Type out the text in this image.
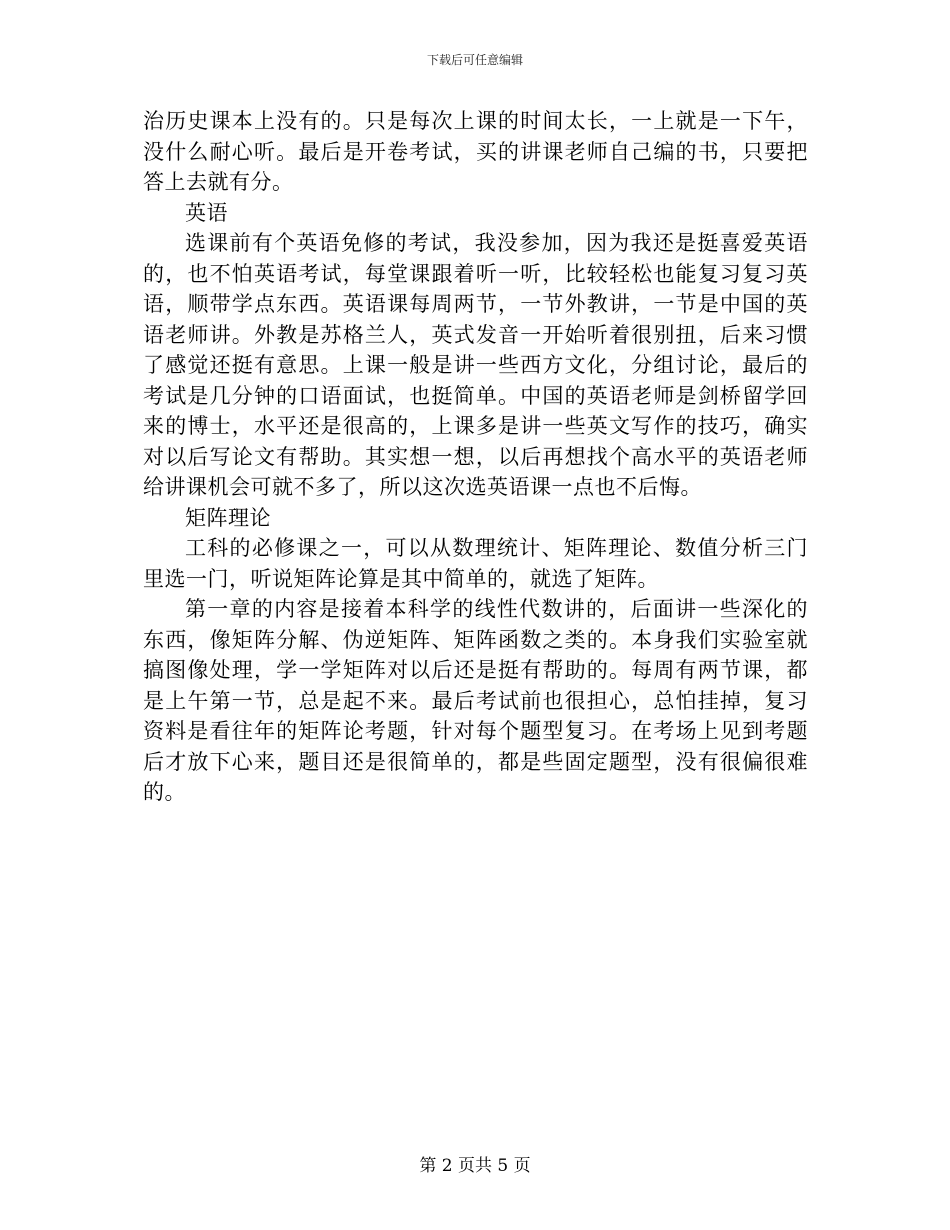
下载后可任意编辑

治历史课本上没有的。只是每次上课的时间太长，一上就是一下午，没什么耐心听。最后是开卷考试，买的讲课老师自己编的书，只要把答上去就有分。

英语

选课前有个英语免修的考试，我没参加，因为我还是挺喜爱英语的，也不怕英语考试，每堂课跟着听一听，比较轻松也能复习复习英语，顺带学点东西。英语课每周两节，一节外教讲，一节是中国的英语老师讲。外教是苏格兰人，英式发音一开始听着很别扭，后来习惯了感觉还挺有意思。上课一般是讲一些西方文化，分组讨论，最后的考试是几分钟的口语面试，也挺简单。中国的英语老师是剑桥留学回来的博士，水平还是很高的，上课多是讲一些英文写作的技巧，确实对以后写论文有帮助。其实想一想，以后再想找个高水平的英语老师给讲课机会可就不多了，所以这次选英语课一点也不后悔。

矩阵理论

工科的必修课之一，可以从数理统计、矩阵理论、数值分析三门里选一门，听说矩阵论算是其中简单的，就选了矩阵。

第一章的内容是接着本科学的线性代数讲的，后面讲一些深化的东西，像矩阵分解、伪逆矩阵、矩阵函数之类的。本身我们实验室就搞图像处理，学一学矩阵对以后还是挺有帮助的。每周有两节课，都是上午第一节，总是起不来。最后考试前也很担心，总怕挂掉，复习资料是看往年的矩阵论考题，针对每个题型复习。在考场上见到考题后才放下心来，题目还是很简单的，都是些固定题型，没有很偏很难的。

第 2 页共 5 页
